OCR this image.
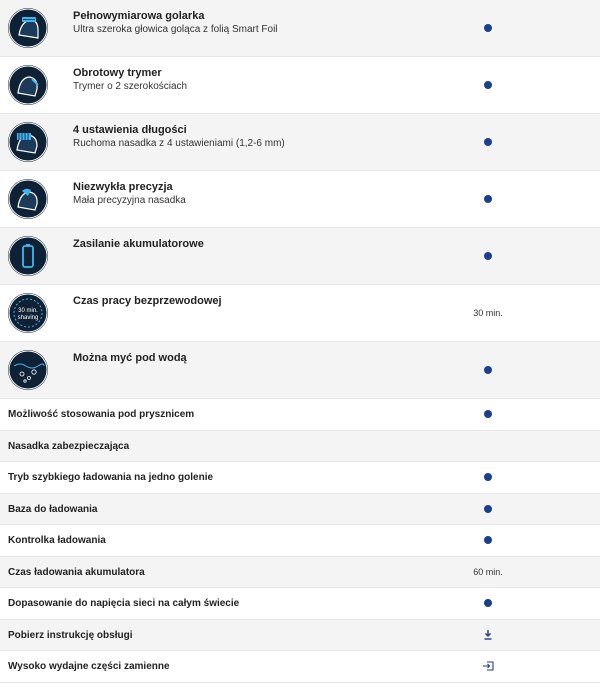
Pełnowymiarowa golarka
Ultra szeroka głowica goląca z folią Smart Foil
Obrotowy trymer
Trymer o 2 szerokościach
4 ustawienia długości
Ruchoma nasadka z 4 ustawieniami (1,2-6 mm)
Niezwykła precyzja
Mała precyzyjna nasadka
Zasilanie akumulatorowe
30 min.
shaving
Czas pracy bezprzewodowej
30 min.
Można myć pod wodą
Możliwość stosowania pod prysznicem
Nasadka zabezpieczająca
Tryb szybkiego ładowania na jedno golenie
Baza do ładowania
Kontrolka ładowania
Czas ładowania akumulatora	60 min.
Dopasowanie do napięcia sieci na całym świecie
Pobierz instrukcję obsługi
Wysoko wydajne części zamienne
